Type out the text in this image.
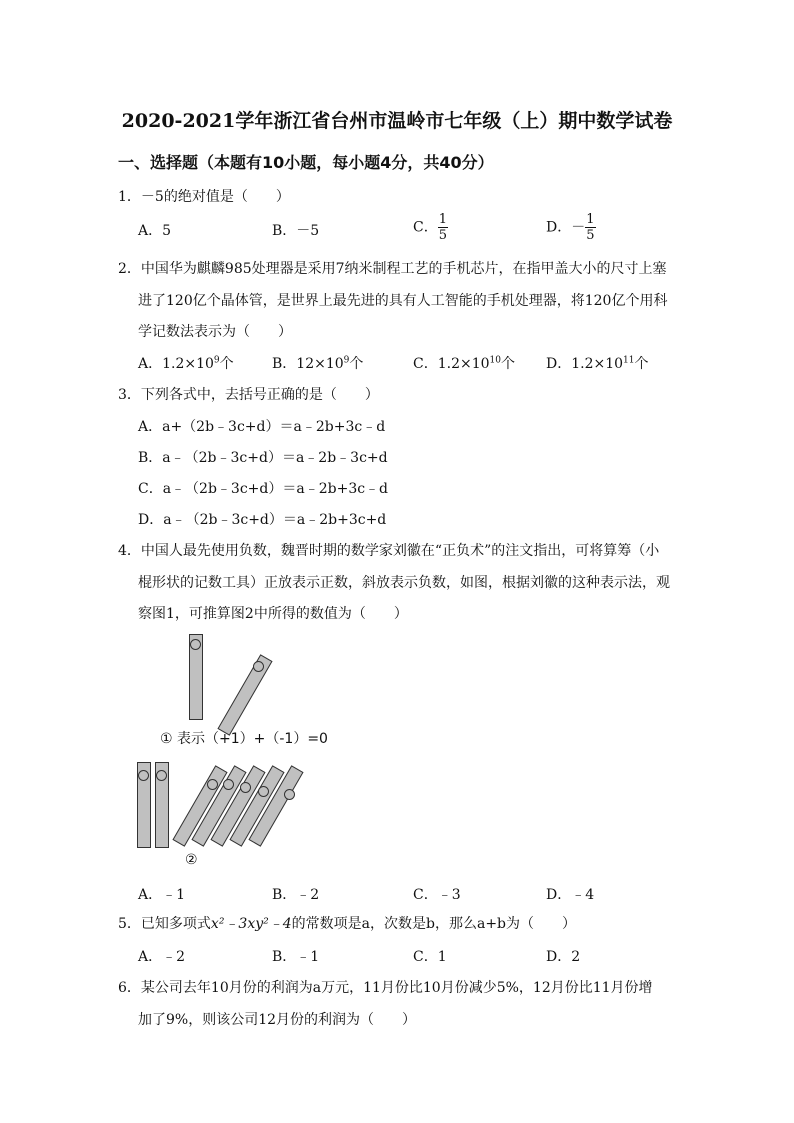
2020-2021学年浙江省台州市温岭市七年级（上）期中数学试卷
一、选择题（本题有10小题，每小题4分，共40分）
1．－5的绝对值是（　　）
A．5	B．－5	C． $\frac{1}{5}$	D．－ $\frac{1}{5}$
2．中国华为麒麟985处理器是采用7纳米制程工艺的手机芯片，在指甲盖大小的尺寸上塞
进了120亿个晶体管，是世界上最先进的具有人工智能的手机处理器，将120亿个用科
学记数法表示为（　　）
A．$1.2\times 10^9$个	B．$12\times 10^9$个	C．$1.2\times 10^{10}$个 D．$1.2\times 10^{11}$个
3．下列各式中，去括号正确的是（　　）
A．a+（2b﹣3c+d）＝a﹣2b+3c﹣d
B．a﹣（2b﹣3c+d）＝a﹣2b﹣3c+d
C．a﹣（2b﹣3c+d）＝a﹣2b+3c﹣d
D．a﹣（2b﹣3c+d）＝a﹣2b+3c+d
4．中国人最先使用负数，魏晋时期的数学家刘徽在“正负术”的注文指出，可将算筹（小
棍形状的记数工具）正放表示正数，斜放表示负数，如图，根据刘徽的这种表示法，观
察图1，可推算图2中所得的数值为（　　）
① 表示（+1）+（-1）=0
②
A．﹣1	B．﹣2	C．﹣3	D．﹣4
5．已知多项式x²﹣3xy²﹣4的常数项是a，次数是b，那么a+b为（　　）
A．﹣2	B．﹣1	C．1	D．2
6．某公司去年10月份的利润为a万元，11月份比10月份减少5%，12月份比11月份增
加了9%，则该公司12月份的利润为（　　）
